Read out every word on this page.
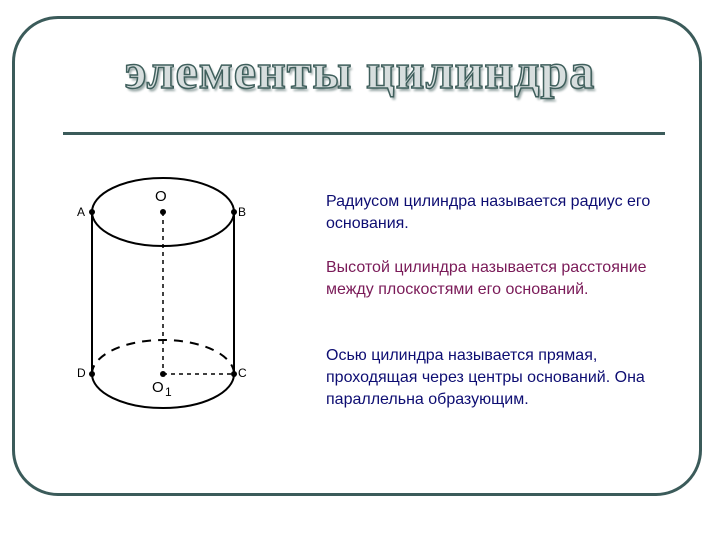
элементы цилиндра
O
A	B
D	C
O 1

Радиусом цилиндра называется радиус его основания.

Высотой цилиндра называется расстояние между плоскостями его оснований.

Осью цилиндра называется прямая, проходящая через центры оснований. Она параллельна образующим.
